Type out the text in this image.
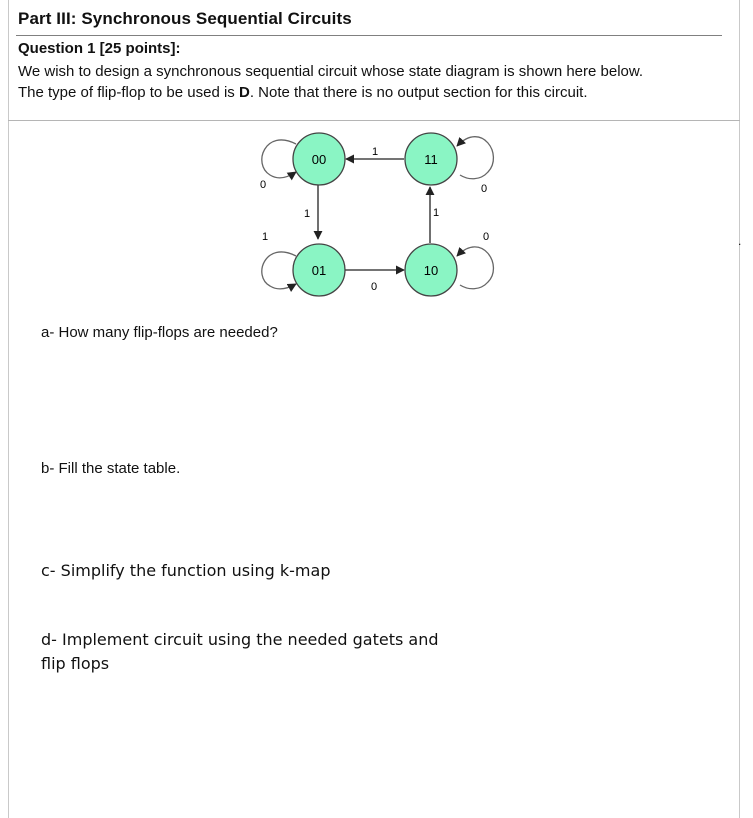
Part III: Synchronous Sequential Circuits
Question 1 [25 points]:

We wish to design a synchronous sequential circuit whose state diagram is shown here below.

The type of flip-flop to be used is D. Note that there is no output section for this circuit.

00	11
01	10
0
1
1
0
0
1
0
1
a- How many flip-flops are needed?
b- Fill the state table.
c- Simplify the function using k-map
d- Implement circuit using the needed gatets and
flip flops
.
